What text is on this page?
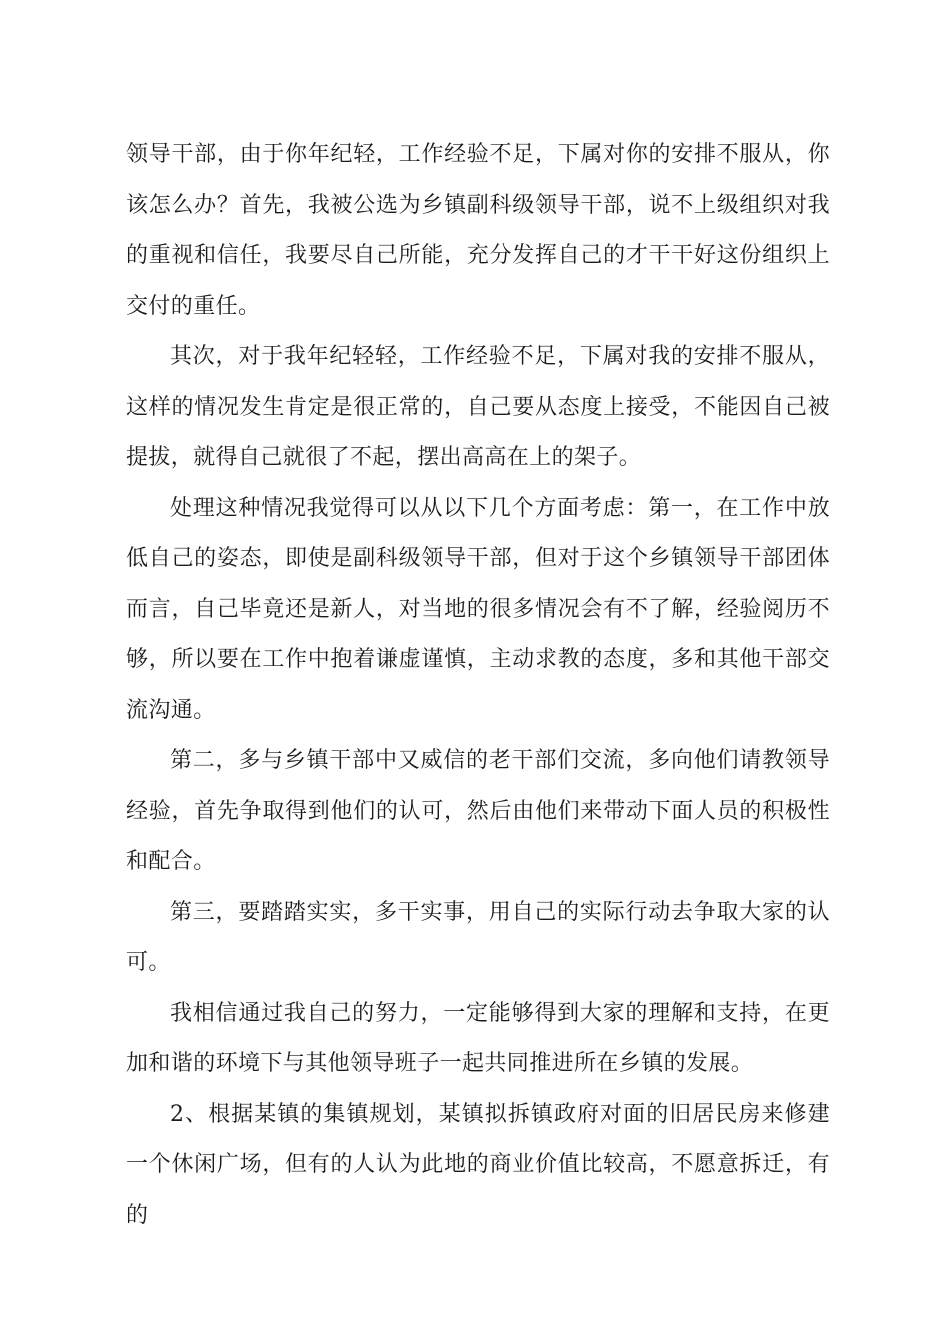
领导干部，由于你年纪轻，工作经验不足，下属对你的安排不服从，你该怎么办？首先，我被公选为乡镇副科级领导干部，说不上级组织对我的重视和信任，我要尽自己所能，充分发挥自己的才干干好这份组织上交付的重任。

其次，对于我年纪轻轻，工作经验不足，下属对我的安排不服从，这样的情况发生肯定是很正常的，自己要从态度上接受，不能因自己被提拔，就得自己就很了不起，摆出高高在上的架子。

处理这种情况我觉得可以从以下几个方面考虑：第一，在工作中放低自己的姿态，即使是副科级领导干部，但对于这个乡镇领导干部团体而言，自己毕竟还是新人，对当地的很多情况会有不了解，经验阅历不够，所以要在工作中抱着谦虚谨慎，主动求教的态度，多和其他干部交流沟通。

第二，多与乡镇干部中又威信的老干部们交流，多向他们请教领导经验，首先争取得到他们的认可，然后由他们来带动下面人员的积极性和配合。

第三，要踏踏实实，多干实事，用自己的实际行动去争取大家的认可。

我相信通过我自己的努力，一定能够得到大家的理解和支持，在更加和谐的环境下与其他领导班子一起共同推进所在乡镇的发展。

2、根据某镇的集镇规划，某镇拟拆镇政府对面的旧居民房来修建一个休闲广场，但有的人认为此地的商业价值比较高，不愿意拆迁，有的
